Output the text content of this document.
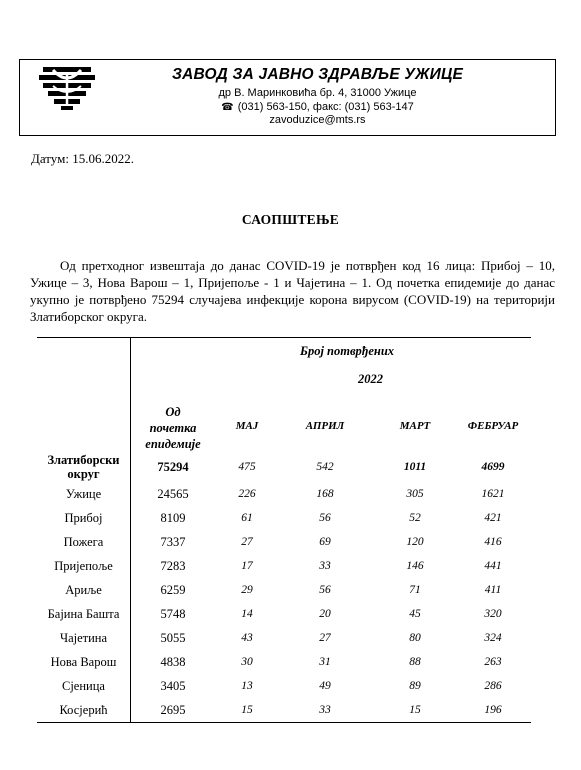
ЗАВОД ЗА ЈАВНО ЗДРАВЉЕ УЖИЦЕ
др В. Маринковића бр. 4, 31000 Ужице
☎ (031) 563-150, факс: (031) 563-147
zavoduzice@mts.rs
Датум: 15.06.2022.
САОПШТЕЊЕ
Од претходног извештаја до данас COVID-19 је потврђен код 16 лица: Прибој – 10, Ужице – 3, Нова Варош – 1, Пријепоље - 1 и Чајетина – 1. Од почетка епидемије до данас укупно је потврђено 75294 случајева инфекције корона вирусом (COVID-19) на територији Златиборског округа.
Број потврђених
2022
Од
почетка
епидемије
МАЈ	АПРИЛ	МАРТ	ФЕБРУАР
Златиборски
округ	75294	475	542	1011	4699
Ужице	24565	226	168	305	1621
Прибој	8109	61	56	52	421
Пожега	7337	27	69	120	416
Пријепоље	7283	17	33	146	441
Ариље	6259	29	56	71	411
Бајина Башта	5748	14	20	45	320
Чајетина	5055	43	27	80	324
Нова Варош	4838	30	31	88	263
Сјеница	3405	13	49	89	286
Косјерић	2695	15	33	15	196
